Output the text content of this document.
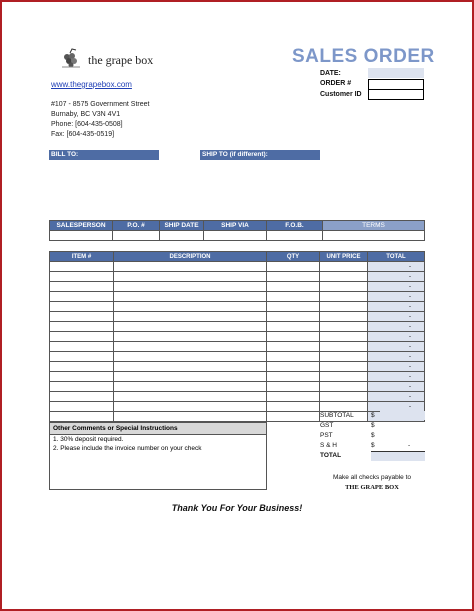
the grape box
www.thegrapebox.com
#107 - 8575 Government Street
Burnaby, BC V3N 4V1
Phone: [604-435-0508]
Fax: [604-435-0519]
SALES ORDER
DATE:
ORDER #
Customer ID
BILL TO:	SHIP TO (if different):
SALESPERSON	P.O. #	SHIP DATE	SHIP VIA	F.O.B.	TERMS

ITEM #	DESCRIPTION	QTY	UNIT PRICE	TOTAL
				-
				-
				-
				-
				-
				-
				-
				-
				-
				-
				-
				-
				-
				-
				-

Other Comments or Special Instructions
1. 30% deposit required.
2. Please include the invoice number on your check
SUBTOTAL	$
GST	$
PST	$
S & H	$	-
TOTAL
Make all checks payable to
THE GRAPE BOX
Thank You For Your Business!
